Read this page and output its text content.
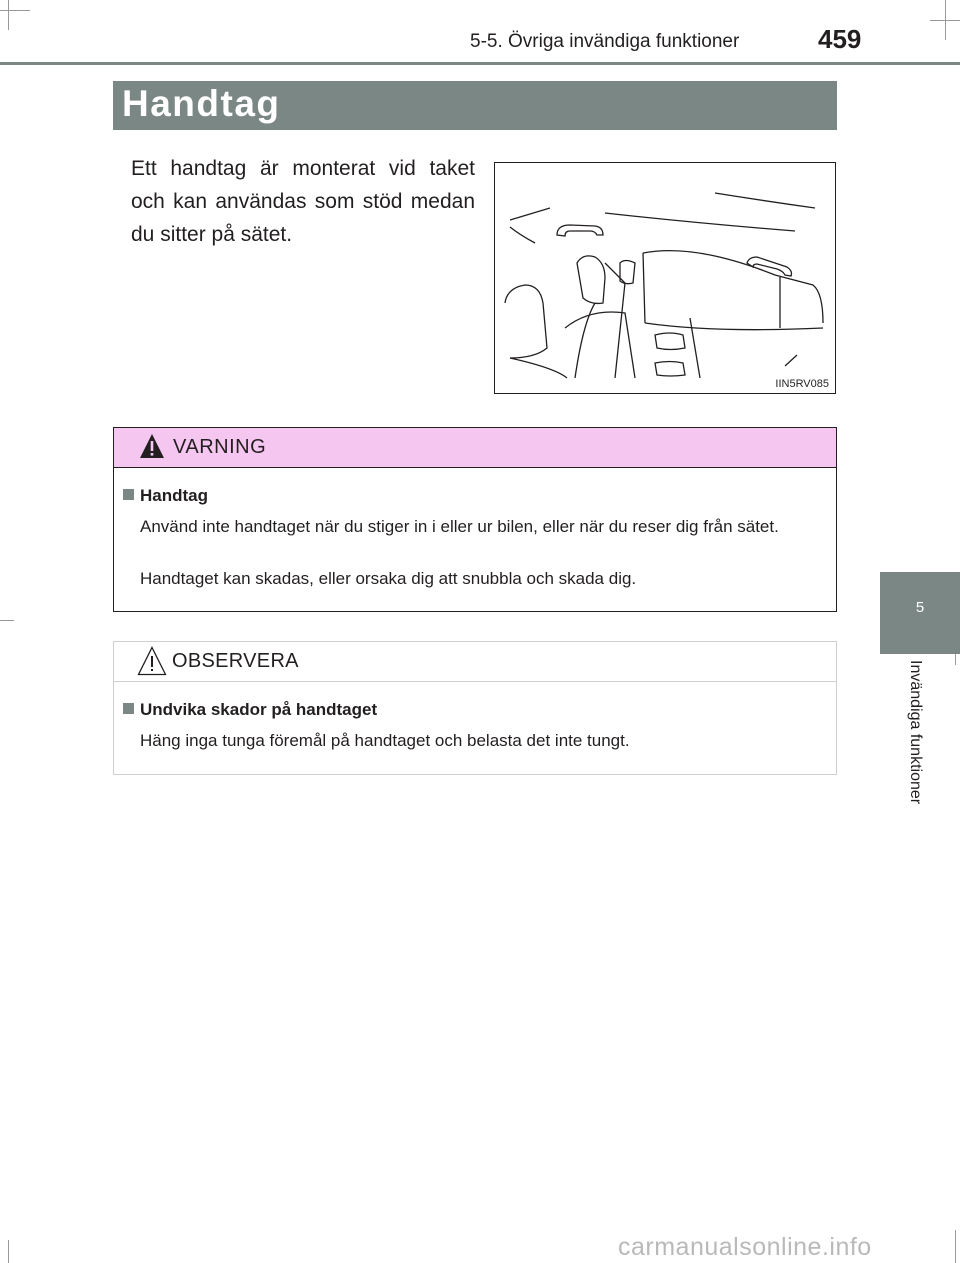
5-5. Övriga invändiga funktioner	459
Handtag
Ett handtag är monterat vid taket och kan användas som stöd medan du sitter på sätet.
IIN5RV085
VARNING
Handtag
Använd inte handtaget när du stiger in i eller ur bilen, eller när du reser dig från sätet.
Handtaget kan skadas, eller orsaka dig att snubbla och skada dig.
OBSERVERA
Undvika skador på handtaget
Häng inga tunga föremål på handtaget och belasta det inte tungt.
5
Invändiga funktioner
carmanualsonline.info
